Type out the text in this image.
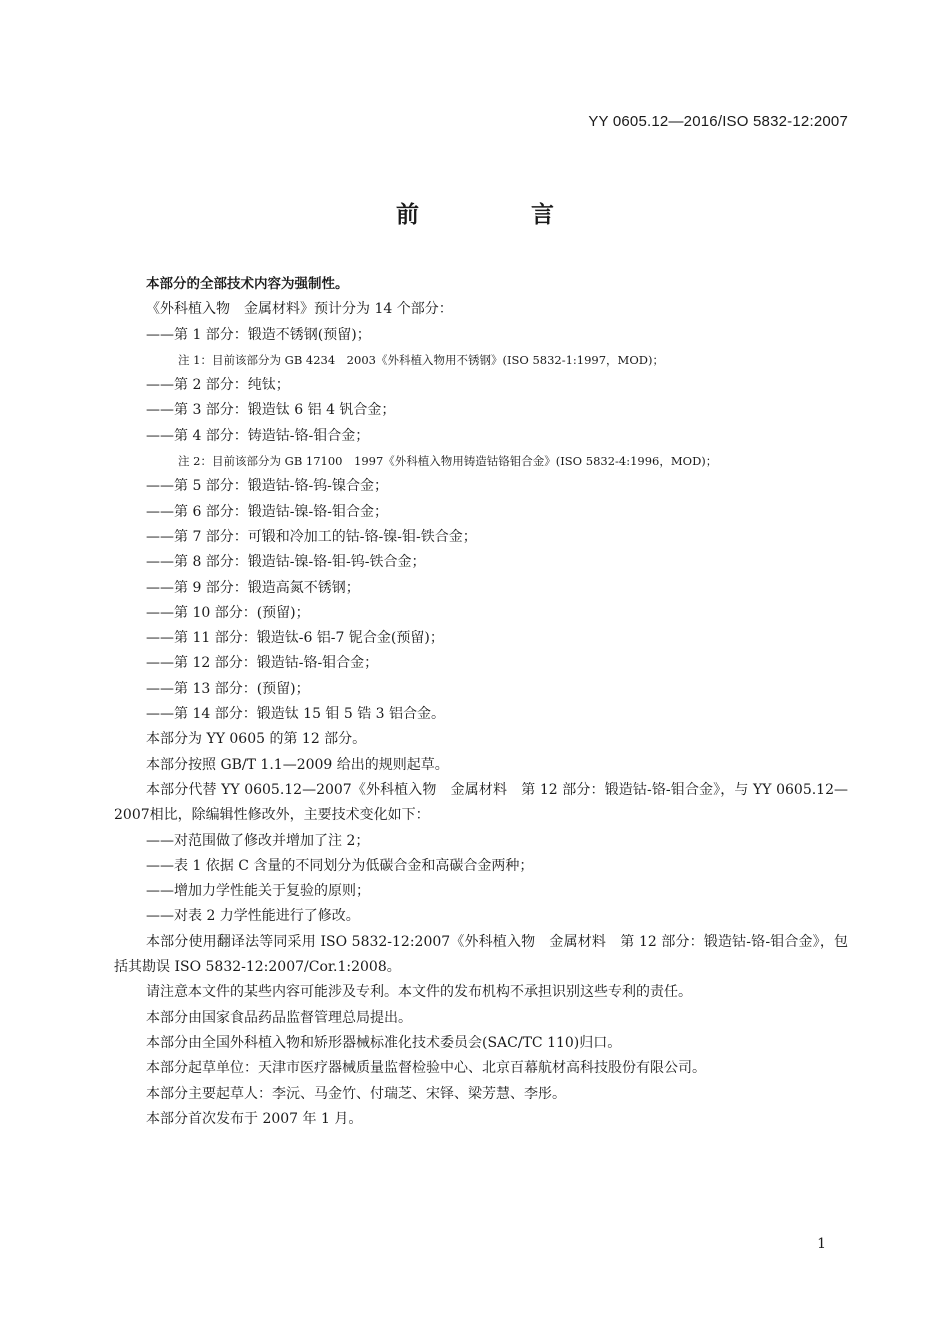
YY 0605.12—2016/ISO 5832-12:2007
前 言

本部分的全部技术内容为强制性。

《外科植入物　金属材料》预计分为 14 个部分：

——第 1 部分：锻造不锈钢(预留)；

注 1：目前该部分为 GB 4234　2003《外科植入物用不锈钢》(ISO 5832-1:1997，MOD)；

——第 2 部分：纯钛；

——第 3 部分：锻造钛 6 铝 4 钒合金；

——第 4 部分：铸造钴-铬-钼合金；

注 2：目前该部分为 GB 17100　1997《外科植入物用铸造钴铬钼合金》(ISO 5832-4:1996，MOD)；

——第 5 部分：锻造钴-铬-钨-镍合金；

——第 6 部分：锻造钴-镍-铬-钼合金；

——第 7 部分：可锻和冷加工的钴-铬-镍-钼-铁合金；

——第 8 部分：锻造钴-镍-铬-钼-钨-铁合金；

——第 9 部分：锻造高氮不锈钢；

——第 10 部分：(预留)；

——第 11 部分：锻造钛-6 铝-7 铌合金(预留)；

——第 12 部分：锻造钴-铬-钼合金；

——第 13 部分：(预留)；

——第 14 部分：锻造钛 15 钼 5 锆 3 铝合金。

本部分为 YY 0605 的第 12 部分。

本部分按照 GB/T 1.1—2009 给出的规则起草。

本部分代替 YY 0605.12—2007《外科植入物　金属材料　第 12 部分：锻造钴-铬-钼合金》，与 YY 0605.12—2007相比，除编辑性修改外，主要技术变化如下：

——对范围做了修改并增加了注 2；

——表 1 依据 C 含量的不同划分为低碳合金和高碳合金两种；

——增加力学性能关于复验的原则；

——对表 2 力学性能进行了修改。

本部分使用翻译法等同采用 ISO 5832-12:2007《外科植入物　金属材料　第 12 部分：锻造钴-铬-钼合金》，包括其勘误 ISO 5832-12:2007/Cor.1:2008。

请注意本文件的某些内容可能涉及专利。本文件的发布机构不承担识别这些专利的责任。

本部分由国家食品药品监督管理总局提出。

本部分由全国外科植入物和矫形器械标准化技术委员会(SAC/TC 110)归口。

本部分起草单位：天津市医疗器械质量监督检验中心、北京百幕航材高科技股份有限公司。

本部分主要起草人：李沅、马金竹、付瑞芝、宋铎、梁芳慧、李彤。

本部分首次发布于 2007 年 1 月。

1
